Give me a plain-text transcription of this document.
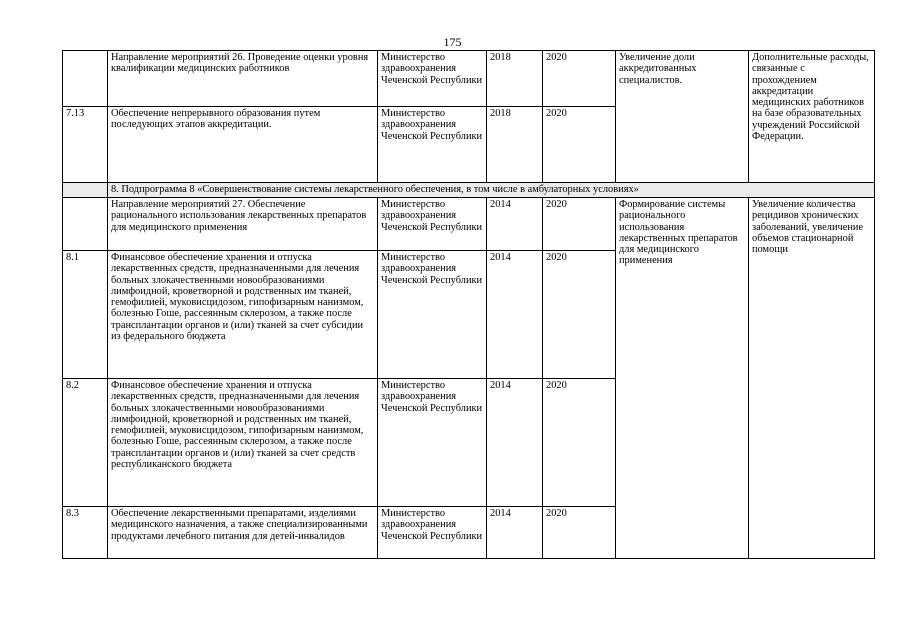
175
	Направление мероприятий 26. Проведение оценки уровня квалификации медицинских работников	Министерство здравоохранения Чеченской Республики	2018	2020	Увеличение доли аккредитованных специалистов.	Дополнительные расходы, связанные с прохождением аккредитации медицинских работников на базе образовательных учреждений Российской Федерации.
7.13	Обеспечение непрерывного образования путем последующих этапов аккредитации.	Министерство здравоохранения Чеченской Республики	2018	2020		
	8. Подпрограмма 8 «Совершенствование системы лекарственного обеспечения, в том числе в амбулаторных условиях»					
	Направление мероприятий 27. Обеспечение рационального использования лекарственных препаратов для медицинского применения	Министерство здравоохранения Чеченской Республики	2014	2020	Формирование системы рационального использования лекарственных препаратов для медицинского применения	Увеличение количества рецидивов хронических заболеваний, увеличение объемов стационарной помощи
8.1	Финансовое обеспечение хранения и отпуска лекарственных средств, предназначенными для лечения больных злокачественными новообразованиями лимфоидной, кроветворной и родственных им тканей, гемофилией, муковисцидозом, гипофизарным нанизмом, болезнью Гоше, рассеянным склерозом, а также после трансплантации органов и (или) тканей за счет субсидии из федерального бюджета	Министерство здравоохранения Чеченской Республики	2014	2020		
8.2	Финансовое обеспечение хранения и отпуска лекарственных средств, предназначенными для лечения больных злокачественными новообразованиями лимфоидной, кроветворной и родственных им тканей, гемофилией, муковисцидозом, гипофизарным нанизмом, болезнью Гоше, рассеянным склерозом, а также после трансплантации органов и (или) тканей за счет средств республиканского бюджета	Министерство здравоохранения Чеченской Республики	2014	2020		
8.3	Обеспечение лекарственными препаратами, изделиями медицинского назначения, а также специализированными продуктами лечебного питания для детей-инвалидов	Министерство здравоохранения Чеченской Республики	2014	2020		
